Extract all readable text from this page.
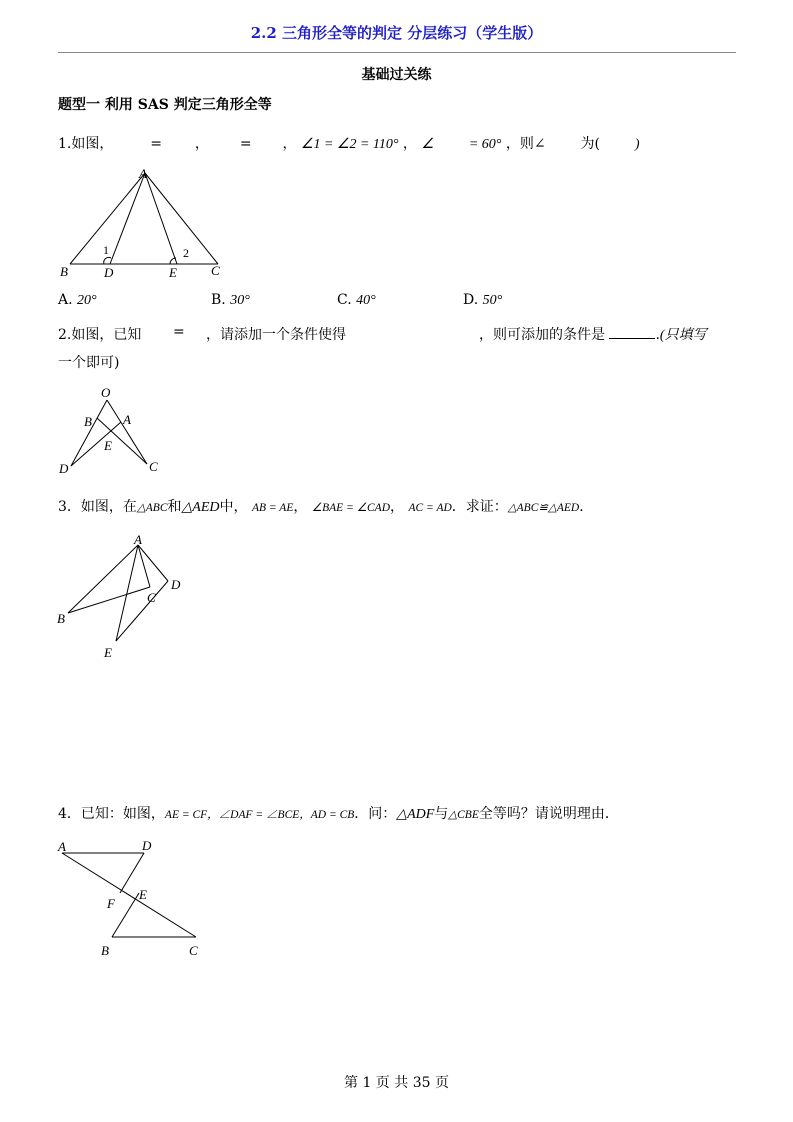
2.2 三角形全等的判定 分层练习（学生版）
基础过关练
题型一 利用 SAS 判定三角形全等
1.如图，	= ， = ， ∠1 = ∠2 = 110° ， ∠ = 60° ，则∠ 为( )
A
B	D	E	C
1	2
A. 20°	B. 30°	C. 40°	D. 50°
2.如图，已知 = ，请添加一个条件使得	，则可添加的条件是	.(只填写
一个即可)
O
B A
E
D	C
3．如图，在△ABC和△AED中， AB = AE， ∠BAE = ∠CAD， AC = AD．求证：△ABC≌△AED．
A
B
C
D
E
4．已知：如图，AE = CF，∠DAF = ∠BCE，AD = CB．问：△ADF与△CBE全等吗？请说明理由．
A	D
E
F
B	C
第 1 页 共 35 页
